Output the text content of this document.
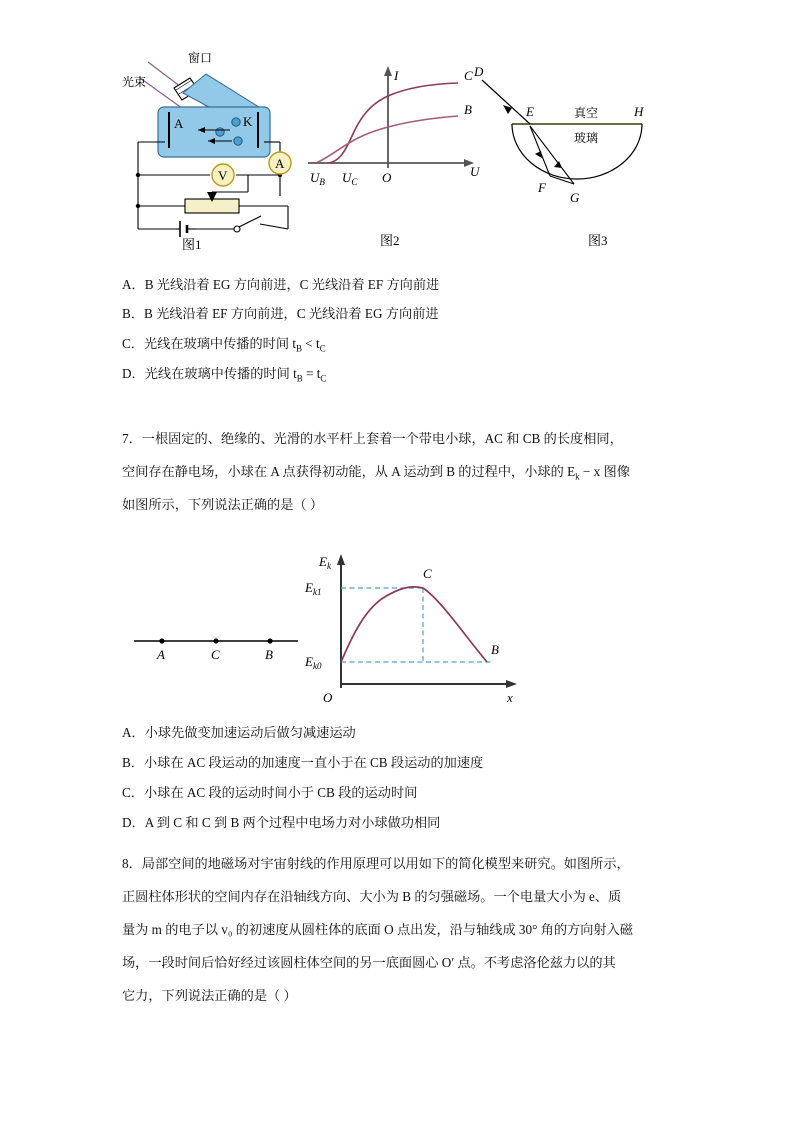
窗口
光束
A	K
A
V
图1
C
B
I
U
O
$U_B$ $U_C$
图2
D
E
F
G
H
真空
玻璃
图3
A．B 光线沿着 EG 方向前进，C 光线沿着 EF 方向前进
B．B 光线沿着 EF 方向前进，C 光线沿着 EG 方向前进
C．光线在玻璃中传播的时间 $t_B < t_C$
D．光线在玻璃中传播的时间 $t_B = t_C$
7．一根固定的、绝缘的、光滑的水平杆上套着一个带电小球，AC 和 CB 的长度相同，
空间存在静电场，小球在 A 点获得初动能，从 A 运动到 B 的过程中，小球的 $E_k - x$ 图像
如图所示，下列说法正确的是（ ）
A	C	B
$E_k$
x
O
$E_{k1}$
$E_{k0}$
C
B
A．小球先做变加速运动后做匀减速运动
B．小球在 AC 段运动的加速度一直小于在 CB 段运动的加速度
C．小球在 AC 段的运动时间小于 CB 段的运动时间
D．A 到 C 和 C 到 B 两个过程中电场力对小球做功相同
8．局部空间的地磁场对宇宙射线的作用原理可以用如下的简化模型来研究。如图所示，
正圆柱体形状的空间内存在沿轴线方向、大小为 B 的匀强磁场。一个电量大小为 e、质
量为 m 的电子以 v₀ 的初速度从圆柱体的底面 O 点出发，沿与轴线成 30° 角的方向射入磁
场，一段时间后恰好经过该圆柱体空间的另一底面圆心 O′ 点。不考虑洛伦兹力以的其
它力，下列说法正确的是（ ）
